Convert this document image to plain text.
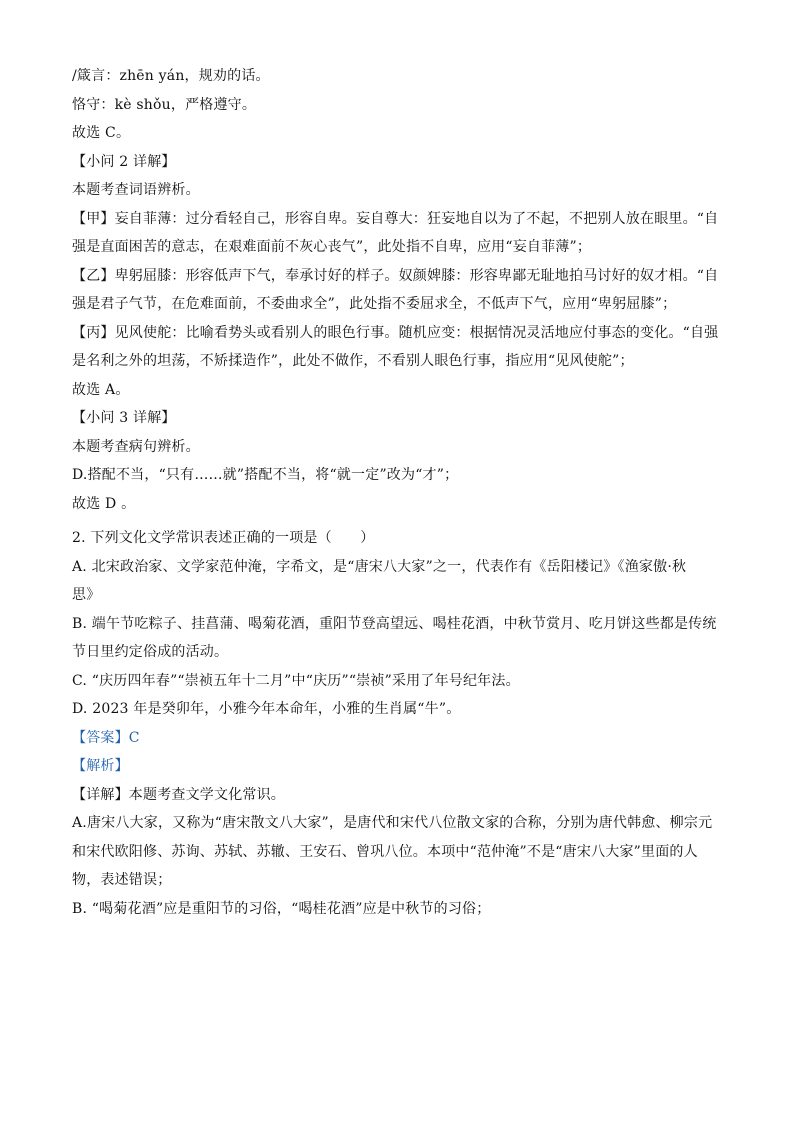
/箴言：zhēn yán，规劝的话。
恪守：kè shǒu，严格遵守。
故选 C。
【小问 2 详解】
本题考查词语辨析。
【甲】妄自菲薄：过分看轻自己，形容自卑。妄自尊大：狂妄地自以为了不起，不把别人放在眼里。“自
强是直面困苦的意志，在艰难面前不灰心丧气”，此处指不自卑，应用“妄自菲薄”；
【乙】卑躬屈膝：形容低声下气，奉承讨好的样子。奴颜婢膝：形容卑鄙无耻地拍马讨好的奴才相。“自
强是君子气节，在危难面前，不委曲求全”，此处指不委屈求全，不低声下气，应用“卑躬屈膝”；
【丙】见风使舵：比喻看势头或看别人的眼色行事。随机应变：根据情况灵活地应付事态的变化。“自强
是名利之外的坦荡，不矫揉造作”，此处不做作，不看别人眼色行事，指应用“见风使舵”；
故选 A。
【小问 3 详解】
本题考查病句辨析。
D.搭配不当，“只有……就”搭配不当，将“就一定”改为“才”；
故选 D 。
2. 下列文化文学常识表述正确的一项是（　　）
A. 北宋政治家、文学家范仲淹，字希文，是“唐宋八大家”之一，代表作有《岳阳楼记》《渔家傲·秋
思》
B. 端午节吃粽子、挂菖蒲、喝菊花酒，重阳节登高望远、喝桂花酒，中秋节赏月、吃月饼这些都是传统
节日里约定俗成的活动。
C. “庆历四年春”“崇祯五年十二月”中“庆历”“崇祯”采用了年号纪年法。
D. 2023 年是癸卯年，小雅今年本命年，小雅的生肖属“牛”。
【答案】C
【解析】
【详解】本题考查文学文化常识。
A.唐宋八大家，又称为“唐宋散文八大家”，是唐代和宋代八位散文家的合称，分别为唐代韩愈、柳宗元
和宋代欧阳修、苏询、苏轼、苏辙、王安石、曾巩八位。本项中“范仲淹”不是“唐宋八大家”里面的人
物，表述错误；
B. “喝菊花酒”应是重阳节的习俗，“喝桂花酒”应是中秋节的习俗；
